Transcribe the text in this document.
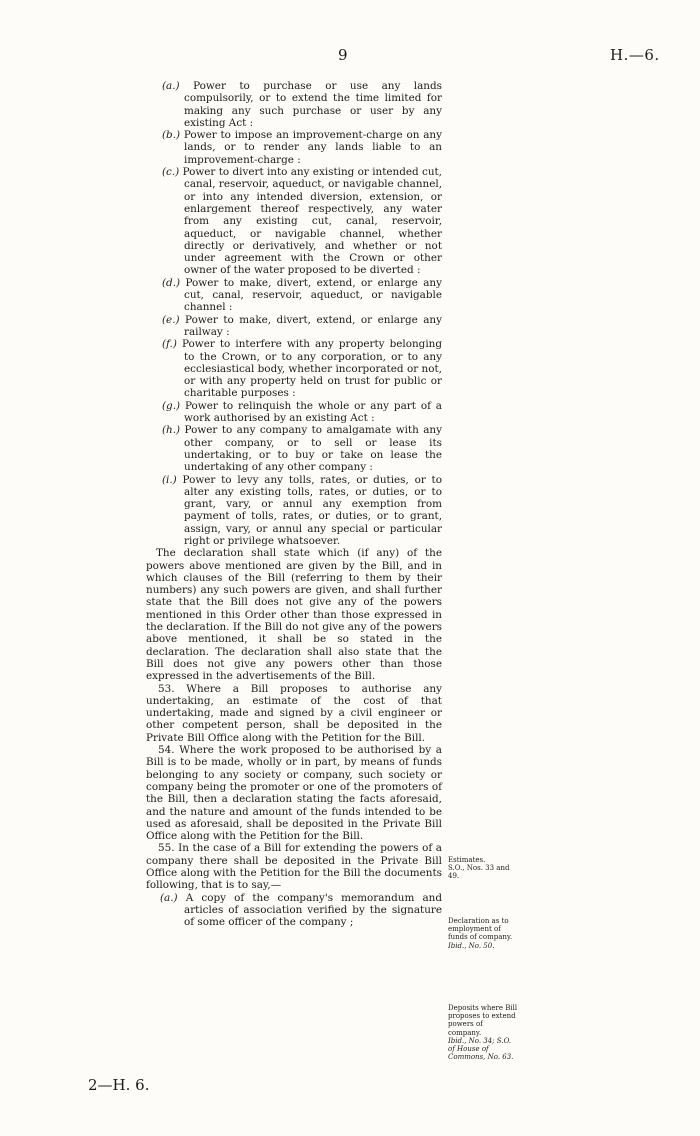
9	H.—6.

(a.) Power to purchase or use any lands compulsorily, or to extend the time limited for making any such purchase or user by any existing Act :

(b.) Power to impose an improvement-charge on any lands, or to render any lands liable to an improvement-charge :

(c.) Power to divert into any existing or intended cut, canal, reservoir, aqueduct, or navigable channel, or into any intended diversion, extension, or enlargement thereof respectively, any water from any existing cut, canal, reservoir, aqueduct, or navigable channel, whether directly or derivatively, and whether or not under agreement with the Crown or other owner of the water proposed to be diverted :

(d.) Power to make, divert, extend, or enlarge any cut, canal, reservoir, aqueduct, or navigable channel :

(e.) Power to make, divert, extend, or enlarge any railway :

(f.) Power to interfere with any property belonging to the Crown, or to any corporation, or to any ecclesiastical body, whether incorporated or not, or with any property held on trust for public or charitable purposes :

(g.) Power to relinquish the whole or any part of a work authorised by an existing Act :

(h.) Power to any company to amalgamate with any other company, or to sell or lease its undertaking, or to buy or take on lease the undertaking of any other company :

(i.) Power to levy any tolls, rates, or duties, or to alter any existing tolls, rates, or duties, or to grant, vary, or annul any exemption from payment of tolls, rates, or duties, or to grant, assign, vary, or annul any special or particular right or privilege whatsoever.

The declaration shall state which (if any) of the powers above mentioned are given by the Bill, and in which clauses of the Bill (referring to them by their numbers) any such powers are given, and shall further state that the Bill does not give any of the powers mentioned in this Order other than those expressed in the declaration. If the Bill do not give any of the powers above mentioned, it shall be so stated in the declaration. The declaration shall also state that the Bill does not give any powers other than those expressed in the advertisements of the Bill.

53. Where a Bill proposes to authorise any undertaking, an estimate of the cost of that undertaking, made and signed by a civil engineer or other competent person, shall be deposited in the Private Bill Office along with the Petition for the Bill.

54. Where the work proposed to be authorised by a Bill is to be made, wholly or in part, by means of funds belonging to any society or company, such society or company being the promoter or one of the promoters of the Bill, then a declaration stating the facts aforesaid, and the nature and amount of the funds intended to be used as aforesaid, shall be deposited in the Private Bill Office along with the Petition for the Bill.

55. In the case of a Bill for extending the powers of a company there shall be deposited in the Private Bill Office along with the Petition for the Bill the documents following, that is to say,—

(a.) A copy of the company's memorandum and articles of association verified by the signature of some officer of the company ;

Estimates.
S.O., Nos. 33 and 49.
Declaration as to employment of funds of company.
Ibid., No. 50.
Deposits where Bill proposes to extend powers of company.
Ibid., No. 34; S.O. of House of Commons, No. 63.
2—H. 6.
